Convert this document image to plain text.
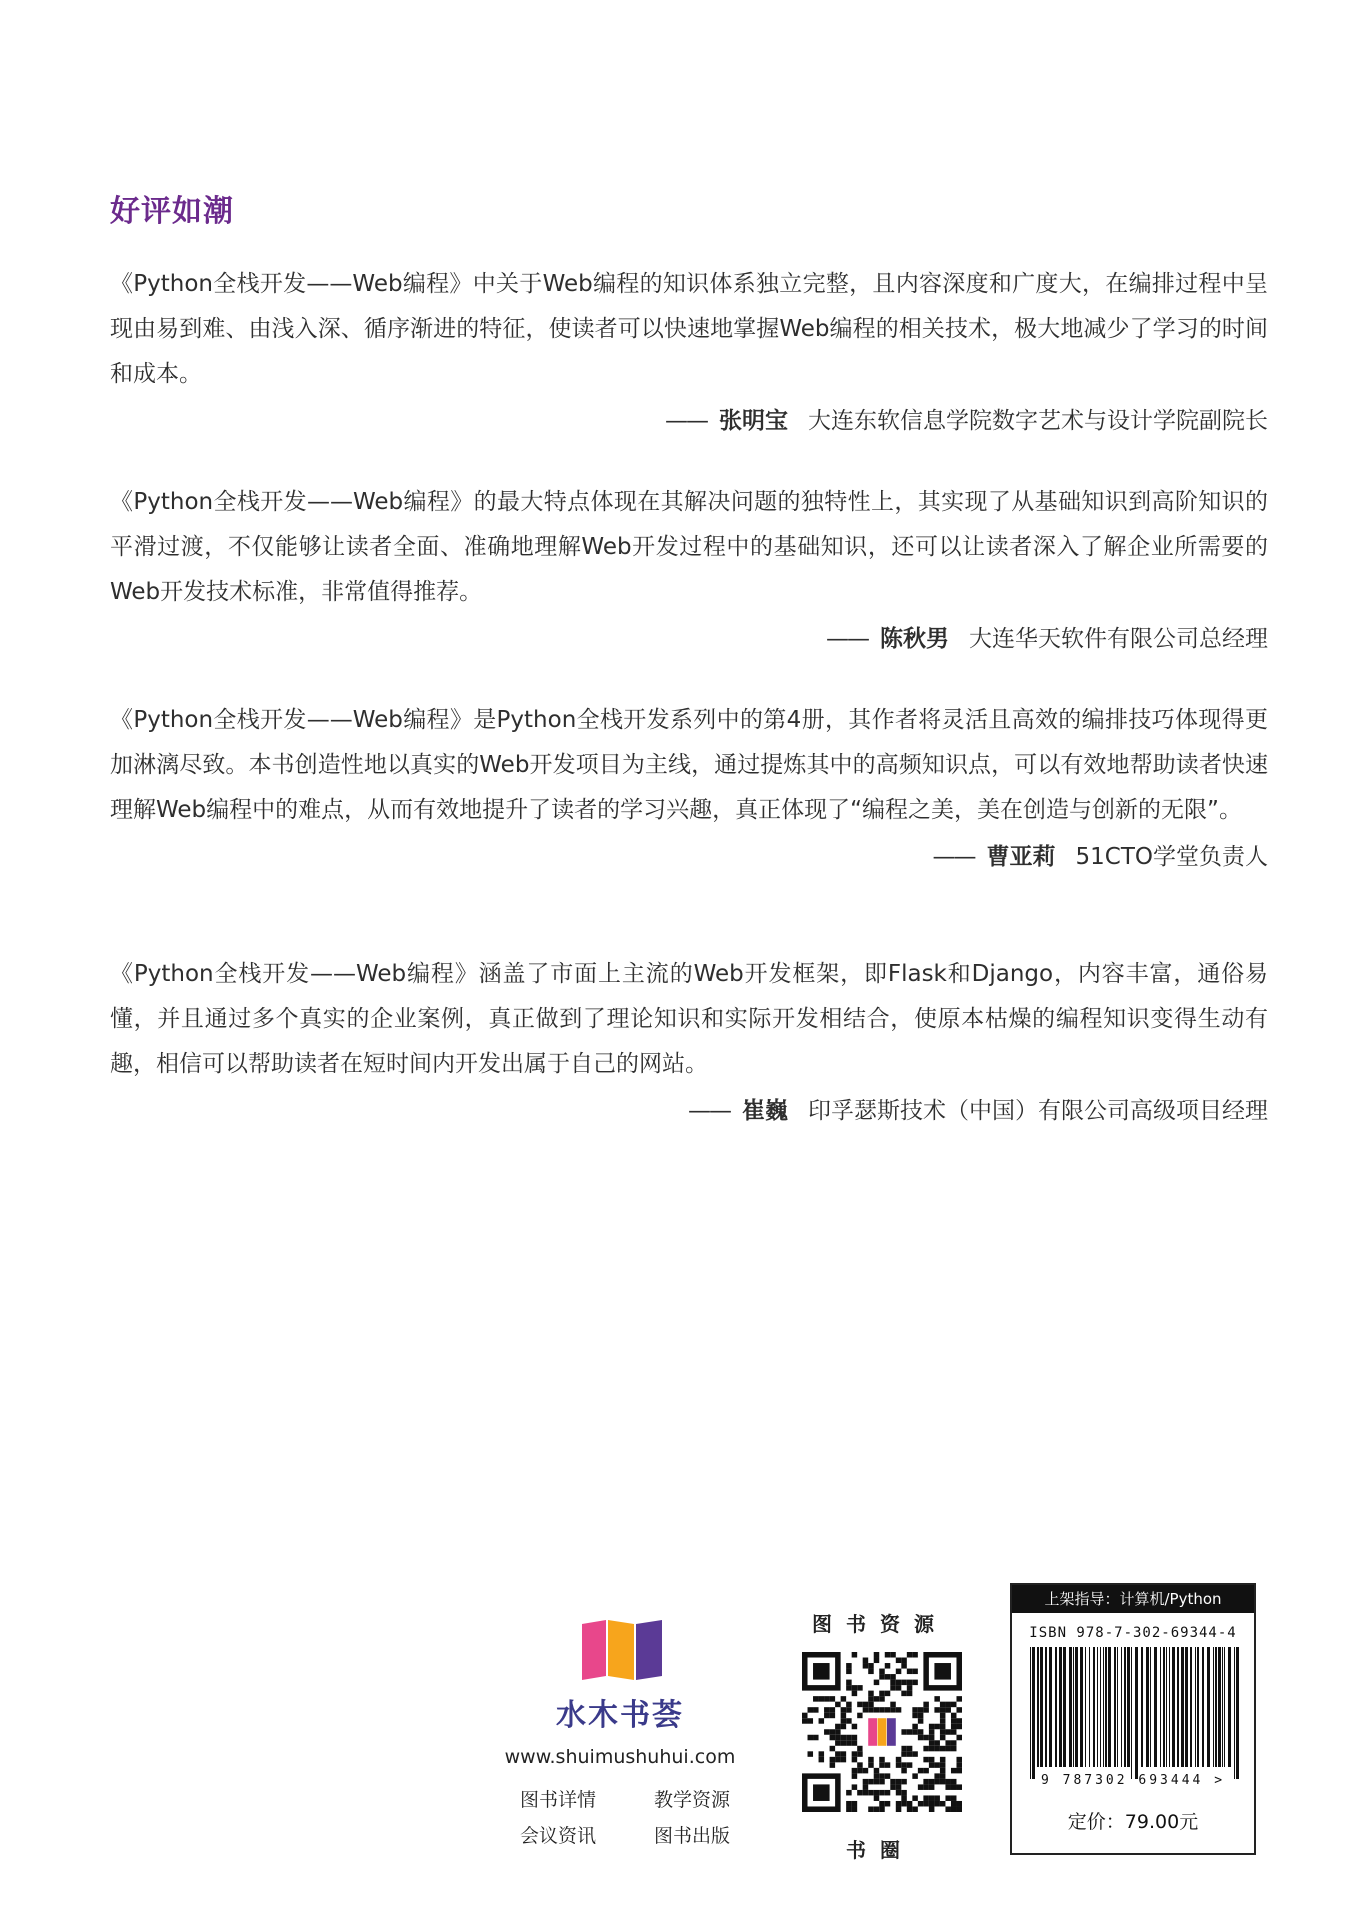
好评如潮

《Python全栈开发——Web编程》中关于Web编程的知识体系独立完整，且内容深度和广度大，在编排过程中呈现由易到难、由浅入深、循序渐进的特征，使读者可以快速地掌握Web编程的相关技术，极大地减少了学习的时间和成本。

—— 张明宝 大连东软信息学院数字艺术与设计学院副院长

《Python全栈开发——Web编程》的最大特点体现在其解决问题的独特性上，其实现了从基础知识到高阶知识的平滑过渡，不仅能够让读者全面、准确地理解Web开发过程中的基础知识，还可以让读者深入了解企业所需要的Web开发技术标准，非常值得推荐。

—— 陈秋男 大连华天软件有限公司总经理

《Python全栈开发——Web编程》是Python全栈开发系列中的第4册，其作者将灵活且高效的编排技巧体现得更加淋漓尽致。本书创造性地以真实的Web开发项目为主线，通过提炼其中的高频知识点，可以有效地帮助读者快速理解Web编程中的难点，从而有效地提升了读者的学习兴趣，真正体现了“编程之美，美在创造与创新的无限”。

—— 曹亚莉 51CTO学堂负责人

《Python全栈开发——Web编程》涵盖了市面上主流的Web开发框架，即Flask和Django，内容丰富，通俗易懂，并且通过多个真实的企业案例，真正做到了理论知识和实际开发相结合，使原本枯燥的编程知识变得生动有趣，相信可以帮助读者在短时间内开发出属于自己的网站。

—— 崔巍 印孚瑟斯技术（中国）有限公司高级项目经理
水木书荟
www.shuimushuhui.com
图书详情	教学资源
会议资讯	图书出版
图书资源
书圈
上架指导：计算机/Python
ISBN 978-7-302-69344-4
9 787302 693444 >
定价：79.00元
